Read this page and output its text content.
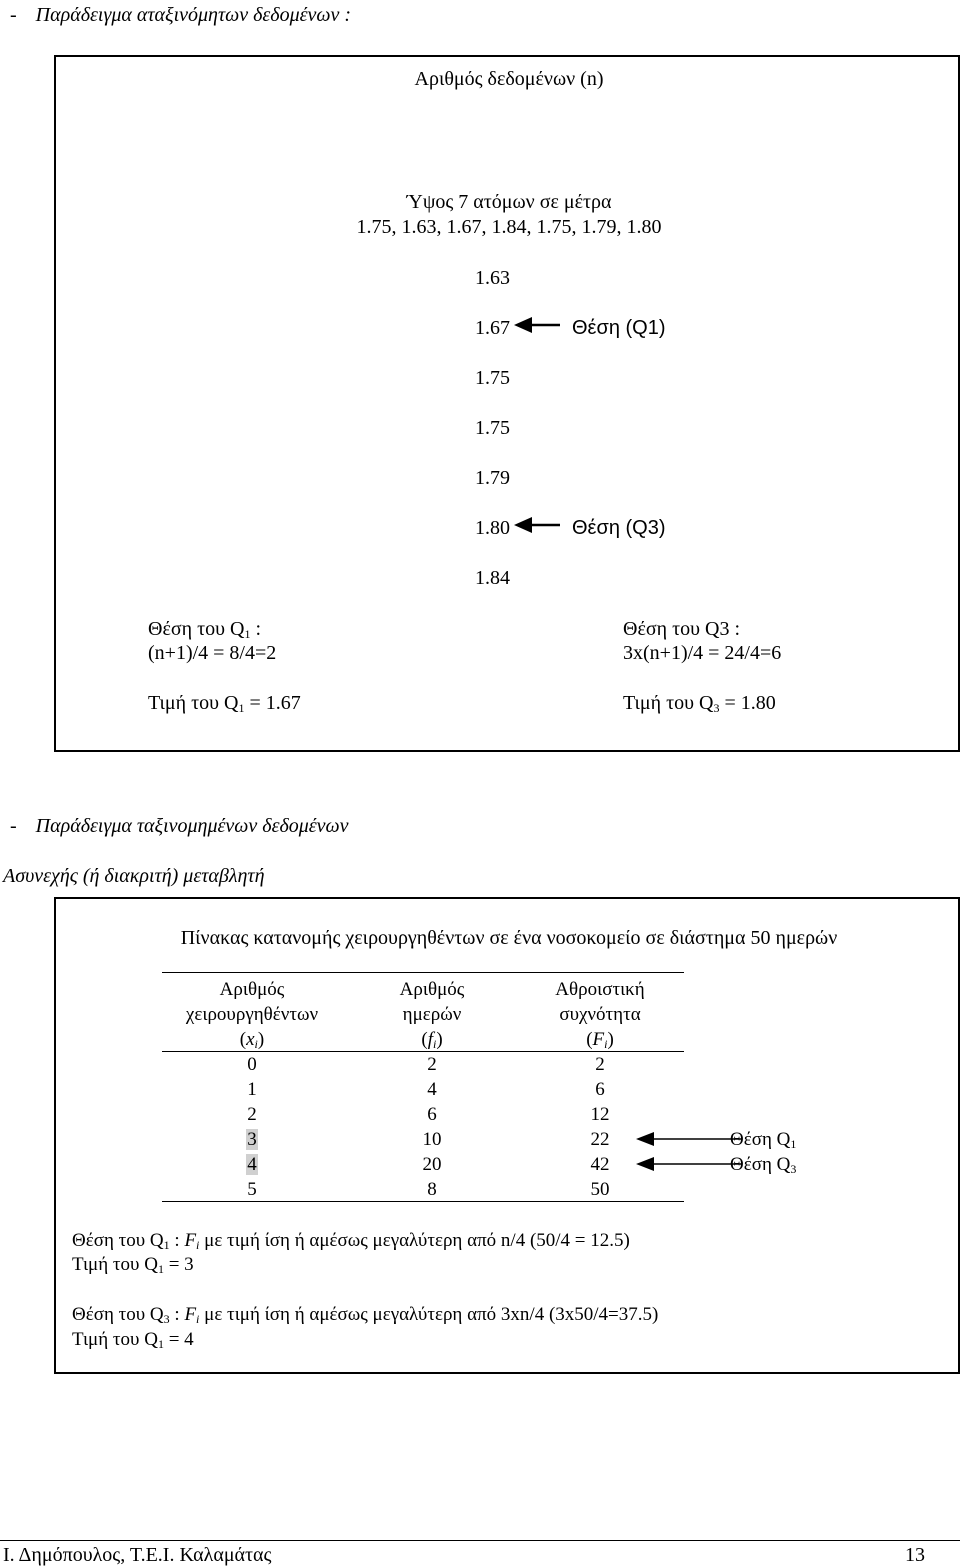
- Παράδειγμα αταξινόμητων δεδομένων :
Αριθμός δεδομένων (n)
Ύψος 7 ατόμων σε μέτρα
1.75, 1.63, 1.67, 1.84, 1.75, 1.79, 1.80
1.63
1.67
1.75
1.75
1.79
1.80
1.84
Θέση (Q1)
Θέση (Q3)
Θέση του $Q_1$ :
(n+1)/4 = 8/4=2
Θέση του Q3 :
3x(n+1)/4 = 24/4=6
Τιμή του $Q_1 = 1.67$	Τιμή του $Q_3 = 1.80$
- Παράδειγμα ταξινομημένων δεδομένων
Ασυνεχής (ή διακριτή) μεταβλητή
Πίνακας κατανομής χειρουργηθέντων σε ένα νοσοκομείο σε διάστημα 50 ημερών
Αριθμός
χειρουργηθέντων
$(x_i)$
Αριθμός
ημερών
$(f_i)$
Αθροιστική
συχνότητα
$(F_i)$
0
1
2
3
4
5
2
4
6
10
20
8
2
6
12
22
42
50
Θέση $Q_1$
Θέση $Q_3$
Θέση του $Q_1$ : $F_i$ με τιμή ίση ή αμέσως μεγαλύτερη από n/4 (50/4 = 12.5)
Τιμή του $Q_1 = 3$
Θέση του $Q_3$ : $F_i$ με τιμή ίση ή αμέσως μεγαλύτερη από 3xn/4 (3x50/4=37.5)
Τιμή του $Q_1 = 4$
Ι. Δημόπουλος, Τ.Ε.Ι. Καλαμάτας	13
